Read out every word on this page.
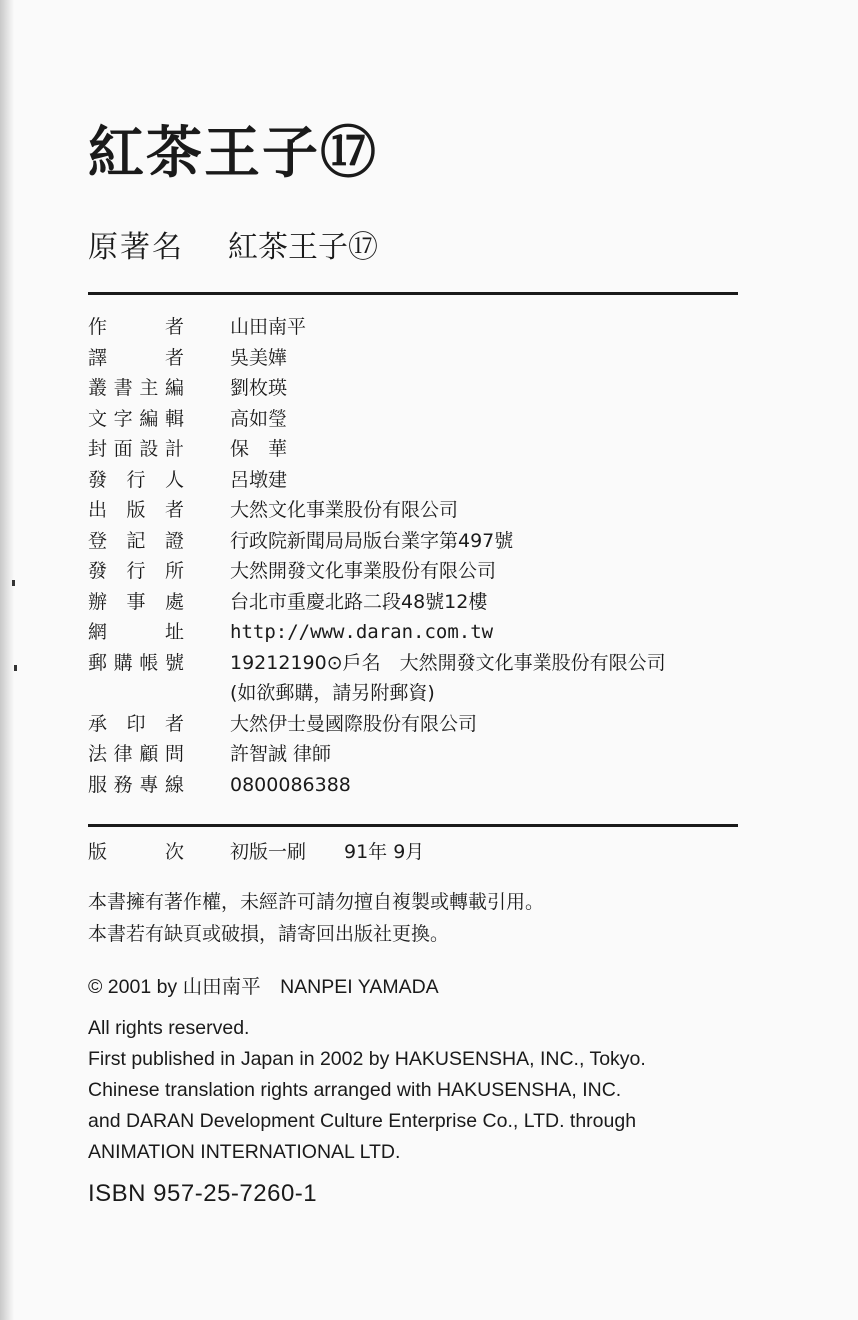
紅茶王子⑰
原著名 紅茶王子⑰
作	者 山田南平
譯	者 吳美嬅
叢 書 主 編 劉枚瑛
文 字 編 輯 高如瑩
封 面 設 計 保　華
發 行 人 呂墩建
出 版 者 大然文化事業股份有限公司
登 記 證 行政院新聞局局版台業字第497號
發 行 所 大然開發文化事業股份有限公司
辦 事 處 台北市重慶北路二段48號12樓
網	址 http://www.daran.com.tw
郵 購 帳 號 19212190⊙戶名　大然開發文化事業股份有限公司
(如欲郵購，請另附郵資)
承 印 者 大然伊士曼國際股份有限公司
法 律 顧 問 許智誠 律師
服 務 專 線 0800086388
版	次 初版一刷　　91年 9月
本書擁有著作權，未經許可請勿擅自複製或轉載引用。
本書若有缺頁或破損，請寄回出版社更換。
© 2001 by 山田南平　NANPEI YAMADA
All rights reserved.
First published in Japan in 2002 by HAKUSENSHA, INC., Tokyo.
Chinese translation rights arranged with HAKUSENSHA, INC.
and DARAN Development Culture Enterprise Co., LTD. through
ANIMATION INTERNATIONAL LTD.
ISBN 957-25-7260-1
